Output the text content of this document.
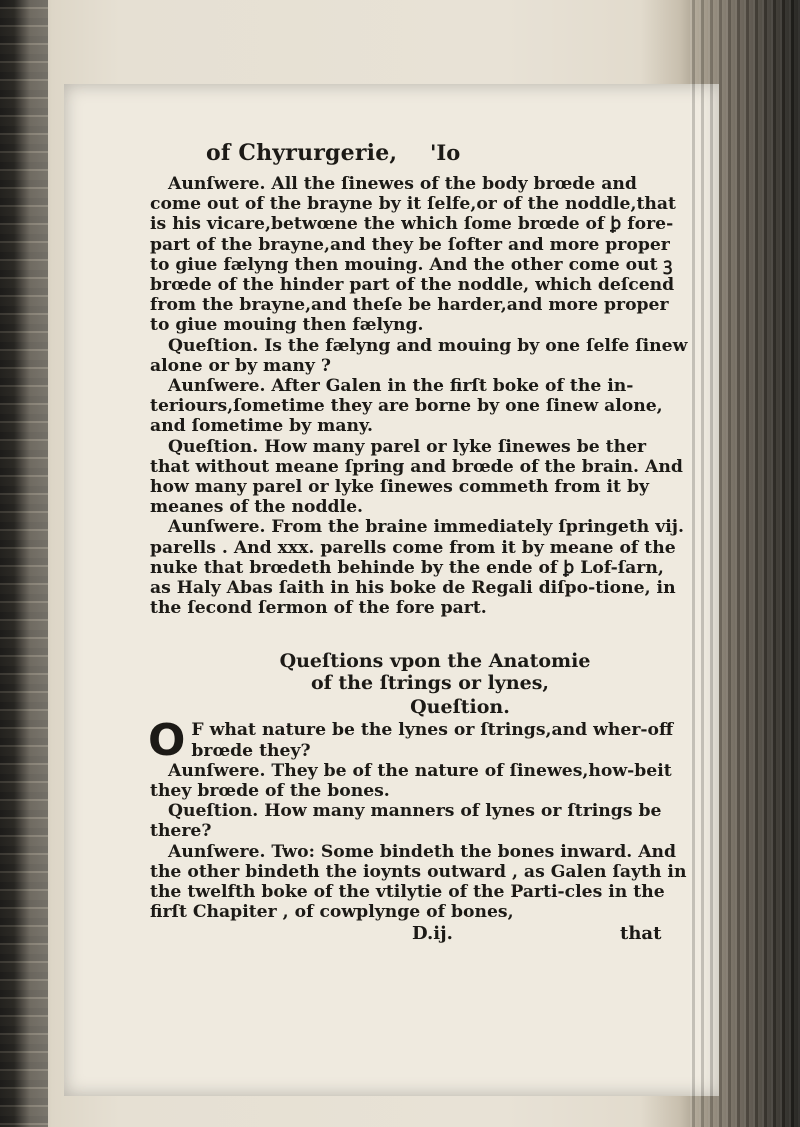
of Chyrurgerie, 'Io

Aunſwere. All the ſinewes of the body brœde and come out of the brayne by it ſelfe,or of the noddle,that is his vicare,betwœne the which ſome brœde of ꝧ fore-part of the brayne,and they be ſofter and more proper to giue fælyng then mouing. And the other come out ꝫ brœde of the hinder part of the noddle, which deſcend from the brayne,and theſe be harder,and more proper to giue mouing then fælyng.

Queſtion. Is the fælyng and mouing by one ſelfe ſinew alone or by many ?

Aunſwere. After Galen in the firſt boke of the in-teriours,ſometime they are borne by one ſinew alone, and ſometime by many.

Queſtion. How many parel or lyke ſinewes be ther that without meane ſpring and brœde of the brain. And how many parel or lyke ſinewes commeth from it by meanes of the noddle.

Aunſwere. From the braine immediately ſpringeth vij. parells . And xxx. parells come from it by meane of the nuke that brœdeth behinde by the ende of ꝧ Lof-ſarn, as Haly Abas ſaith in his boke de Regali diſpo-tione, in the ſecond ſermon of the fore part.

Queſtions vpon the Anatomie

of the ſtrings or lynes,

Queſtion.

O F what nature be the lynes or ſtrings,and wher-off brœde they?

Aunſwere. They be of the nature of ſinewes,how-beit they brœde of the bones.

Queſtion. How many manners of lynes or ſtrings be there?

Aunſwere. Two: Some bindeth the bones inward. And the other bindeth the ioynts outward , as Galen ſayth in the twelfth boke of the vtilytie of the Parti-cles in the firſt Chapiter , of cowplynge of bones,

D.ij.	that
